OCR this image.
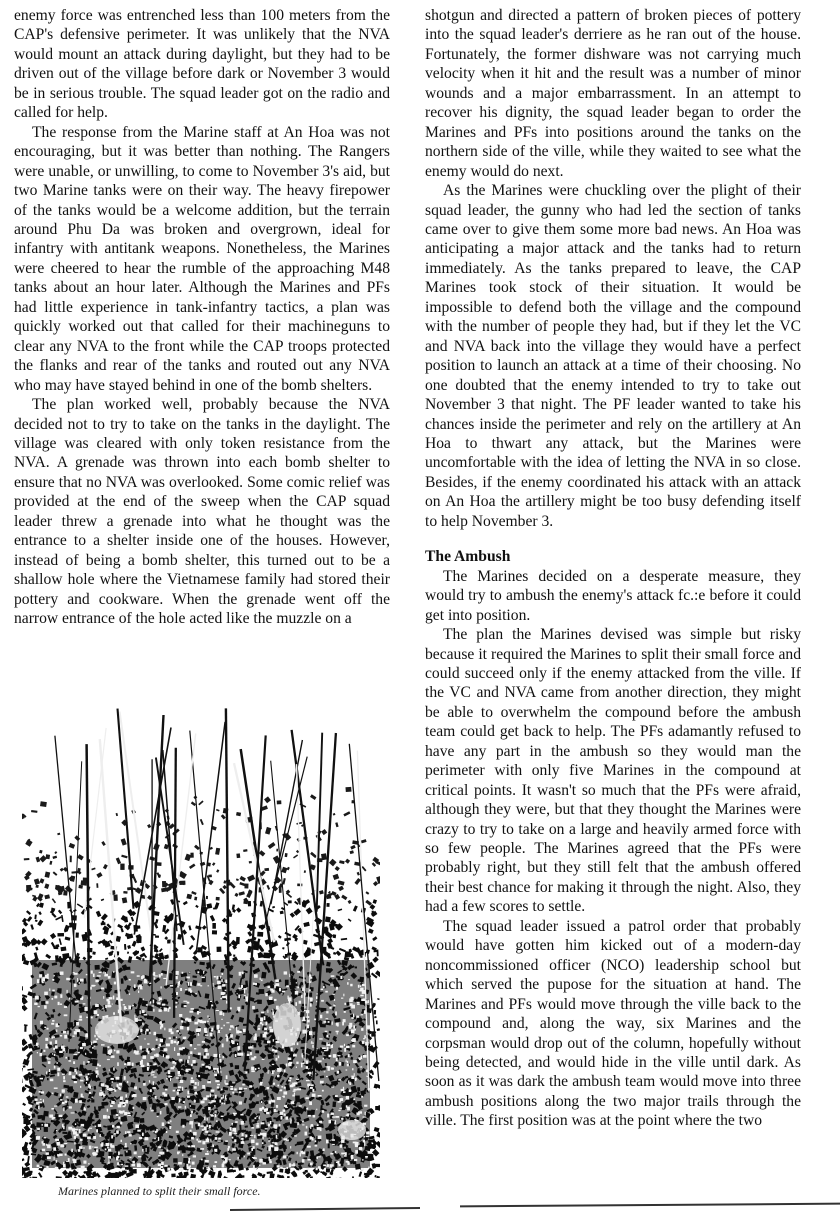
enemy force was entrenched less than 100 meters from the CAP's defensive perimeter. It was unlikely that the NVA would mount an attack during daylight, but they had to be driven out of the village before dark or November 3 would be in serious trouble. The squad leader got on the radio and called for help.

The response from the Marine staff at An Hoa was not encouraging, but it was better than nothing. The Rangers were unable, or unwilling, to come to November 3's aid, but two Marine tanks were on their way. The heavy firepower of the tanks would be a welcome addition, but the terrain around Phu Da was broken and overgrown, ideal for infantry with antitank weapons. Nonetheless, the Marines were cheered to hear the rumble of the approaching M48 tanks about an hour later. Although the Marines and PFs had little experience in tank-infantry tactics, a plan was quickly worked out that called for their machineguns to clear any NVA to the front while the CAP troops protected the flanks and rear of the tanks and routed out any NVA who may have stayed behind in one of the bomb shelters.

The plan worked well, probably because the NVA decided not to try to take on the tanks in the daylight. The village was cleared with only token resistance from the NVA. A grenade was thrown into each bomb shelter to ensure that no NVA was overlooked. Some comic relief was provided at the end of the sweep when the CAP squad leader threw a grenade into what he thought was the entrance to a shelter inside one of the houses. However, instead of being a bomb shelter, this turned out to be a shallow hole where the Vietnamese family had stored their pottery and cookware. When the grenade went off the narrow entrance of the hole acted like the muzzle on a

Marines planned to split their small force.

shotgun and directed a pattern of broken pieces of pottery into the squad leader's derriere as he ran out of the house. Fortunately, the former dishware was not carrying much velocity when it hit and the result was a number of minor wounds and a major embarrassment. In an attempt to recover his dignity, the squad leader began to order the Marines and PFs into positions around the tanks on the northern side of the ville, while they waited to see what the enemy would do next.

As the Marines were chuckling over the plight of their squad leader, the gunny who had led the section of tanks came over to give them some more bad news. An Hoa was anticipating a major attack and the tanks had to return immediately. As the tanks prepared to leave, the CAP Marines took stock of their situation. It would be impossible to defend both the village and the compound with the number of people they had, but if they let the VC and NVA back into the village they would have a perfect position to launch an attack at a time of their choosing. No one doubted that the enemy intended to try to take out November 3 that night. The PF leader wanted to take his chances inside the perimeter and rely on the artillery at An Hoa to thwart any attack, but the Marines were uncomfortable with the idea of letting the NVA in so close. Besides, if the enemy coordinated his attack with an attack on An Hoa the artillery might be too busy defending itself to help November 3.

The Ambush

The Marines decided on a desperate measure, they would try to ambush the enemy's attack fc.:e before it could get into position.

The plan the Marines devised was simple but risky because it required the Marines to split their small force and could succeed only if the enemy attacked from the ville. If the VC and NVA came from another direction, they might be able to overwhelm the compound before the ambush team could get back to help. The PFs adamantly refused to have any part in the ambush so they would man the perimeter with only five Marines in the compound at critical points. It wasn't so much that the PFs were afraid, although they were, but that they thought the Marines were crazy to try to take on a large and heavily armed force with so few people. The Marines agreed that the PFs were probably right, but they still felt that the ambush offered their best chance for making it through the night. Also, they had a few scores to settle.

The squad leader issued a patrol order that probably would have gotten him kicked out of a modern-day noncommissioned officer (NCO) leadership school but which served the pupose for the situation at hand. The Marines and PFs would move through the ville back to the compound and, along the way, six Marines and the corpsman would drop out of the column, hopefully without being detected, and would hide in the ville until dark. As soon as it was dark the ambush team would move into three ambush positions along the two major trails through the ville. The first position was at the point where the two
